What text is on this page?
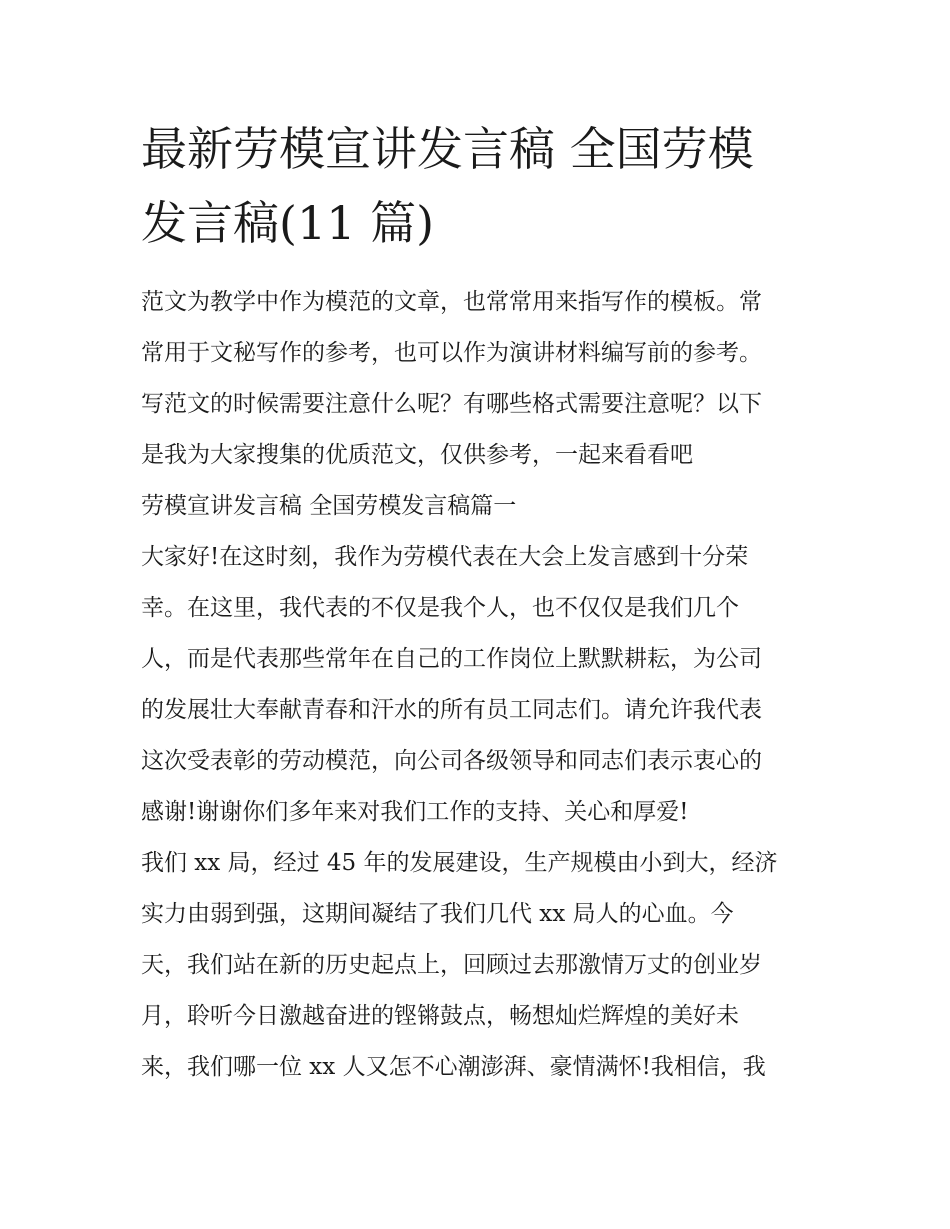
最新劳模宣讲发言稿 全国劳模
发言稿(11 篇)
范文为教学中作为模范的文章，也常常用来指写作的模板。常
常用于文秘写作的参考，也可以作为演讲材料编写前的参考。
写范文的时候需要注意什么呢？有哪些格式需要注意呢？以下
是我为大家搜集的优质范文，仅供参考，一起来看看吧
劳模宣讲发言稿 全国劳模发言稿篇一
大家好!在这时刻，我作为劳模代表在大会上发言感到十分荣
幸。在这里，我代表的不仅是我个人，也不仅仅是我们几个
人，而是代表那些常年在自己的工作岗位上默默耕耘，为公司
的发展壮大奉献青春和汗水的所有员工同志们。请允许我代表
这次受表彰的劳动模范，向公司各级领导和同志们表示衷心的
感谢!谢谢你们多年来对我们工作的支持、关心和厚爱!
我们 xx 局，经过 45 年的发展建设，生产规模由小到大，经济
实力由弱到强，这期间凝结了我们几代 xx 局人的心血。今
天，我们站在新的历史起点上，回顾过去那激情万丈的创业岁
月，聆听今日激越奋进的铿锵鼓点，畅想灿烂辉煌的美好未
来，我们哪一位 xx 人又怎不心潮澎湃、豪情满怀!我相信，我
